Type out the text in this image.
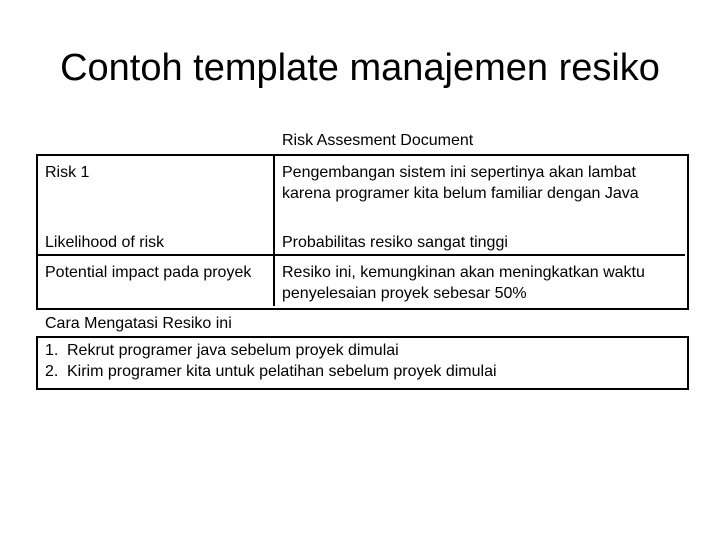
Contoh template manajemen resiko
Risk Assesment Document
Risk 1	Pengembangan sistem ini sepertinya akan lambat karena programer kita belum familiar dengan Java
Likelihood of risk	Probabilitas resiko sangat tinggi
Potential impact pada proyek	Resiko ini, kemungkinan akan meningkatkan waktu penyelesaian proyek sebesar 50%
Cara Mengatasi Resiko ini
1. Rekrut programer java sebelum proyek dimulai
2. Kirim programer kita untuk pelatihan sebelum proyek dimulai
